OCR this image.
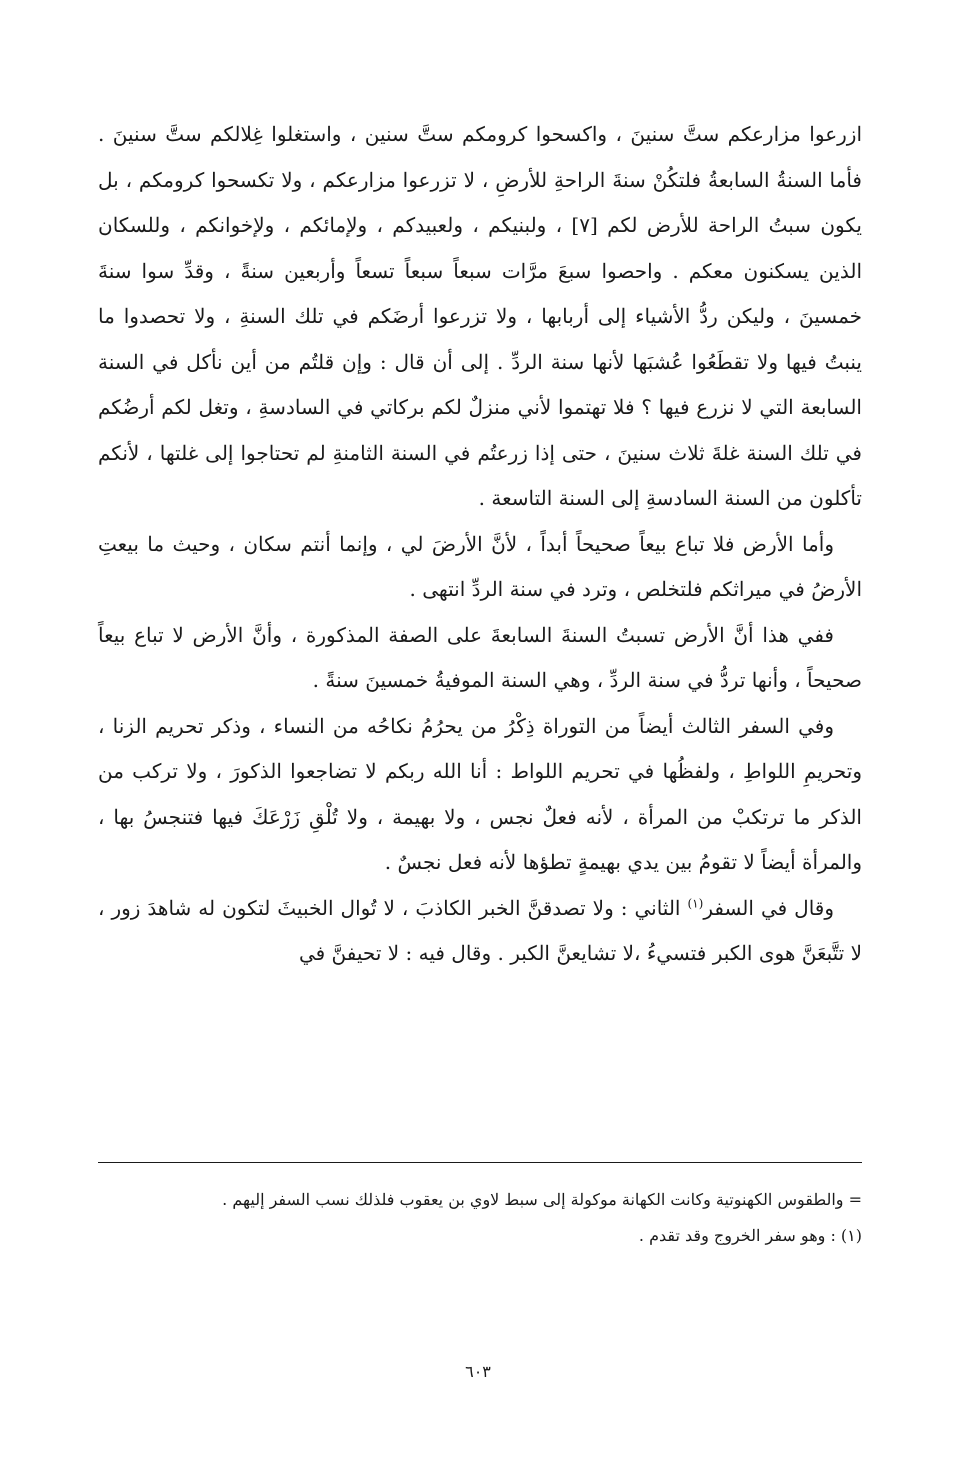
ازرعوا مزارعكم ستَّ سنينَ ، واكسحوا كرومكم ستَّ سنين ، واستغلوا غِلالكم ستَّ سنينَ . فأما السنةُ السابعةُ فلتكُنْ سنةَ الراحةِ للأرضِ ، لا تزرعوا مزارعكم ، ولا تكسحوا كرومكم ، بل يكون سبتُ الراحة للأرض لكم [٧] ، ولبنيكم ، ولعبيدكم ، ولإمائكم ، ولإخوانكم ، وللسكان الذين يسكنون معكم . واحصوا سبعَ مرَّات سبعاً سبعاً تسعاً وأربعين سنةً ، وقدِّ سوا سنةَ خمسينَ ، وليكن ردُّ الأشياء إلى أربابها ، ولا تزرعوا أرضَكم في تلك السنةِ ، ولا تحصدوا ما ينبتُ فيها ولا تقطَعُوا عُشبَها لأنها سنة الردِّ . إلى أن قال : وإن قلتُم من أين نأكل في السنة السابعة التي لا نزرع فيها ؟ فلا تهتموا لأني منزلٌ لكم بركاتي في السادسةِ ، وتغل لكم أرضُكم في تلك السنة غلةَ ثلاث سنينَ ، حتى إذا زرعتُم في السنة الثامنةِ لم تحتاجوا إلى غلتها ، لأنكم تأكلون من السنة السادسةِ إلى السنة التاسعة .

وأما الأرض فلا تباع بيعاً صحيحاً أبداً ، لأنَّ الأرضَ لي ، وإنما أنتم سكان ، وحيث ما بيعتِ الأرضُ في ميراثكم فلتخلص ، وترد في سنة الردِّ انتهى .

ففي هذا أنَّ الأرض تسبتُ السنةَ السابعةَ على الصفة المذكورة ، وأنَّ الأرض لا تباع بيعاً صحيحاً ، وأنها تردُّ في سنة الردِّ ، وهي السنة الموفيةُ خمسينَ سنةً .

وفي السفر الثالث أيضاً من التوراة ذِكْرُ من يحرُمُ نكاحُه من النساء ، وذكر تحريم الزنا ، وتحريمِ اللواطِ ، ولفظُها في تحريم اللواط : أنا الله ربكم لا تضاجعوا الذكورَ ، ولا تركب من الذكر ما ترتكبْ من المرأة ، لأنه فعلٌ نجس ، ولا بهيمة ، ولا تُلْقِ زَرْعَكَ فيها فتنجسُ بها ، والمرأة أيضاً لا تقومُ بين يدي بهيمةٍ تطؤها لأنه فعل نجسٌ .

وقال في السفر$^{(١)}$ الثاني : ولا تصدقنَّ الخبر الكاذبَ ، لا تُوال الخبيثَ لتكون له شاهدَ زور ، لا تتَّبعَنَّ هوى الكبر فتسيءُ ،لا تشايعنَّ الكبر . وقال فيه : لا تحيفنَّ في

= والطقوس الكهنوتية وكانت الكهانة موكولة إلى سبط لاوي بن يعقوب فلذلك نسب السفر إليهم .

(١) : وهو سفر الخروج وقد تقدم .

٦٠٣
